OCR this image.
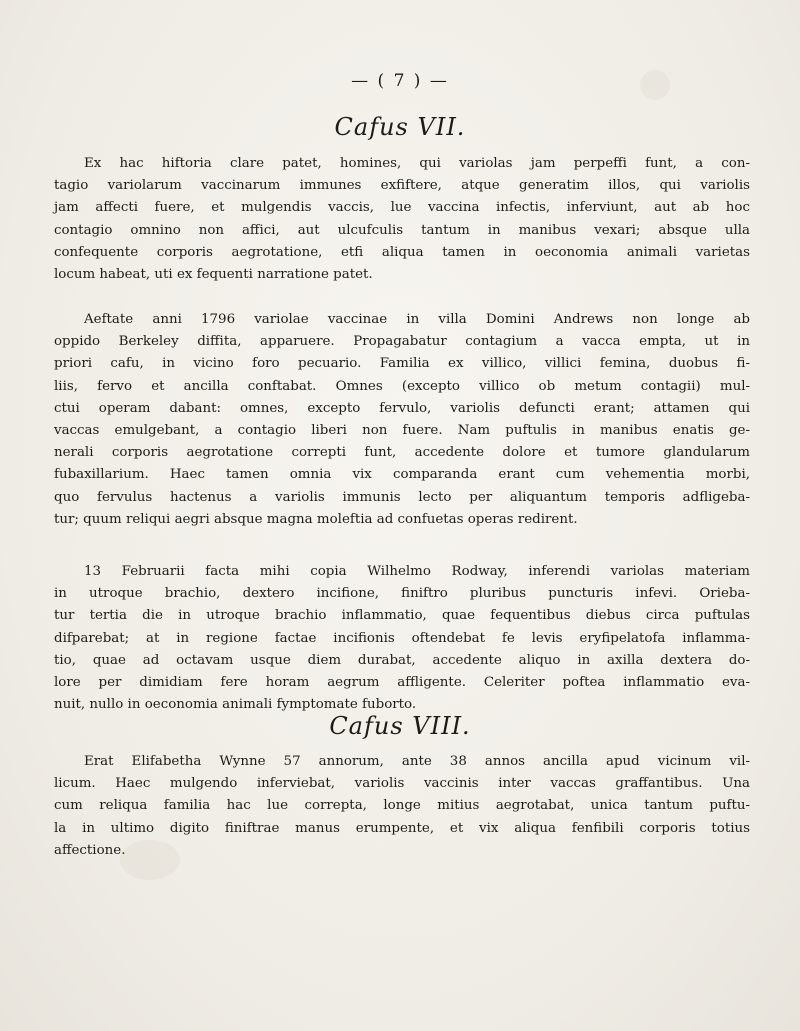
— ( 7 ) —
Cafus VII.
Ex hac hiftoria clare patet, homines, qui variolas jam perpeffi funt, a con-
tagio variolarum vaccinarum immunes exfiftere, atque generatim illos, qui variolis
jam affecti fuere, et mulgendis vaccis, lue vaccina infectis, inferviunt, aut ab hoc
contagio omnino non affici, aut ulcufculis tantum in manibus vexari; absque ulla
confequente corporis aegrotatione, etfi aliqua tamen in oeconomia animali varietas
locum habeat, uti ex fequenti narratione patet.
Aeftate anni 1796 variolae vaccinae in villa Domini Andrews non longe ab
oppido Berkeley diffita, apparuere. Propagabatur contagium a vacca empta, ut in
priori cafu, in vicino foro pecuario. Familia ex villico, villici femina, duobus fi-
liis, fervo et ancilla conftabat. Omnes (excepto villico ob metum contagii) mul-
ctui operam dabant: omnes, excepto fervulo, variolis defuncti erant; attamen qui
vaccas emulgebant, a contagio liberi non fuere. Nam puftulis in manibus enatis ge-
nerali corporis aegrotatione correpti funt, accedente dolore et tumore glandularum
fubaxillarium. Haec tamen omnia vix comparanda erant cum vehementia morbi,
quo fervulus hactenus a variolis immunis lecto per aliquantum temporis adfligeba-
tur; quum reliqui aegri absque magna moleftia ad confuetas operas redirent.
13 Februarii facta mihi copia Wilhelmo Rodway, inferendi variolas materiam
in utroque brachio, dextero incifione, finiftro pluribus puncturis infevi. Orieba-
tur tertia die in utroque brachio inflammatio, quae fequentibus diebus circa puftulas
difparebat; at in regione factae incifionis oftendebat fe levis eryfipelatofa inflamma-
tio, quae ad octavam usque diem durabat, accedente aliquo in axilla dextera do-
lore per dimidiam fere horam aegrum affligente. Celeriter poftea inflammatio eva-
nuit, nullo in oeconomia animali fymptomate fuborto.
Cafus VIII.
Erat Elifabetha Wynne 57 annorum, ante 38 annos ancilla apud vicinum vil-
licum. Haec mulgendo inferviebat, variolis vaccinis inter vaccas graffantibus. Una
cum reliqua familia hac lue correpta, longe mitius aegrotabat, unica tantum puftu-
la in ultimo digito finiftrae manus erumpente, et vix aliqua fenfibili corporis totius
affectione.
